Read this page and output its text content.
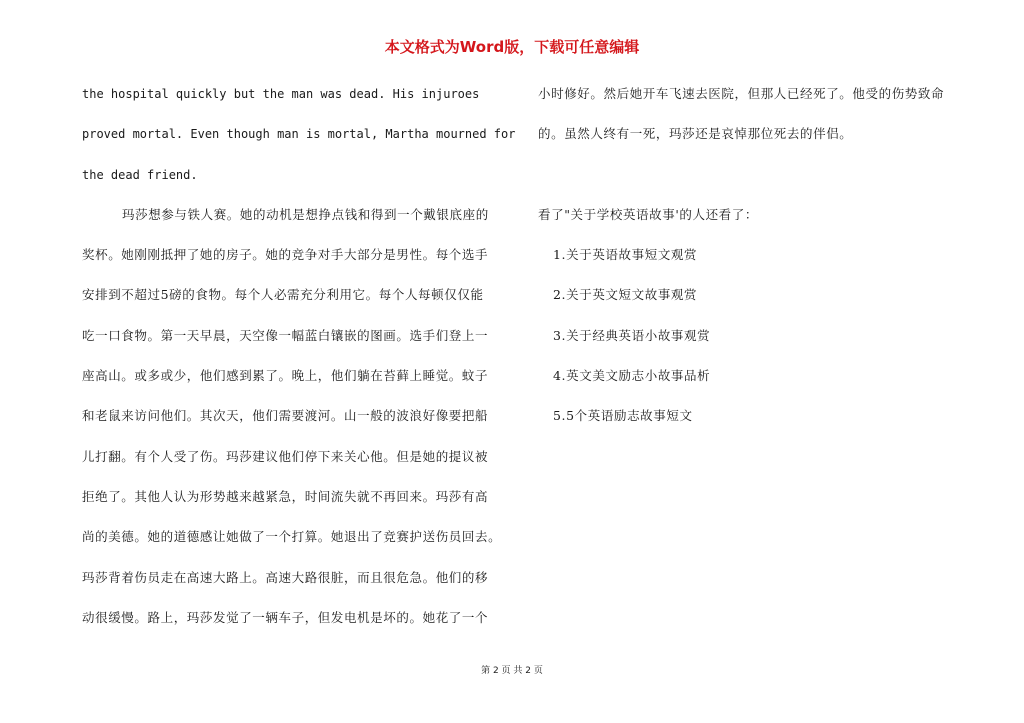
本文格式为Word版，下载可任意编辑
the hospital quickly but the man was dead. His injuroes
proved mortal. Even though man is mortal, Martha mourned for
the dead friend.
玛莎想参与铁人赛。她的动机是想挣点钱和得到一个戴银底座的
奖杯。她刚刚抵押了她的房子。她的竞争对手大部分是男性。每个选手
安排到不超过5磅的食物。每个人必需充分利用它。每个人每顿仅仅能
吃一口食物。第一天早晨，天空像一幅蓝白镶嵌的图画。选手们登上一
座高山。或多或少，他们感到累了。晚上，他们躺在苔藓上睡觉。蚊子
和老鼠来访问他们。其次天，他们需要渡河。山一般的波浪好像要把船
儿打翻。有个人受了伤。玛莎建议他们停下来关心他。但是她的提议被
拒绝了。其他人认为形势越来越紧急，时间流失就不再回来。玛莎有高
尚的美德。她的道德感让她做了一个打算。她退出了竞赛护送伤员回去。
玛莎背着伤员走在高速大路上。高速大路很脏，而且很危急。他们的移
动很缓慢。路上，玛莎发觉了一辆车子，但发电机是坏的。她花了一个
小时修好。然后她开车飞速去医院，但那人已经死了。他受的伤势致命
的。虽然人终有一死，玛莎还是哀悼那位死去的伴侣。
看了"关于学校英语故事'的人还看了：
1.关于英语故事短文观赏
2.关于英文短文故事观赏
3.关于经典英语小故事观赏
4.英文美文励志小故事品析
5.5个英语励志故事短文
第 2 页 共 2 页
